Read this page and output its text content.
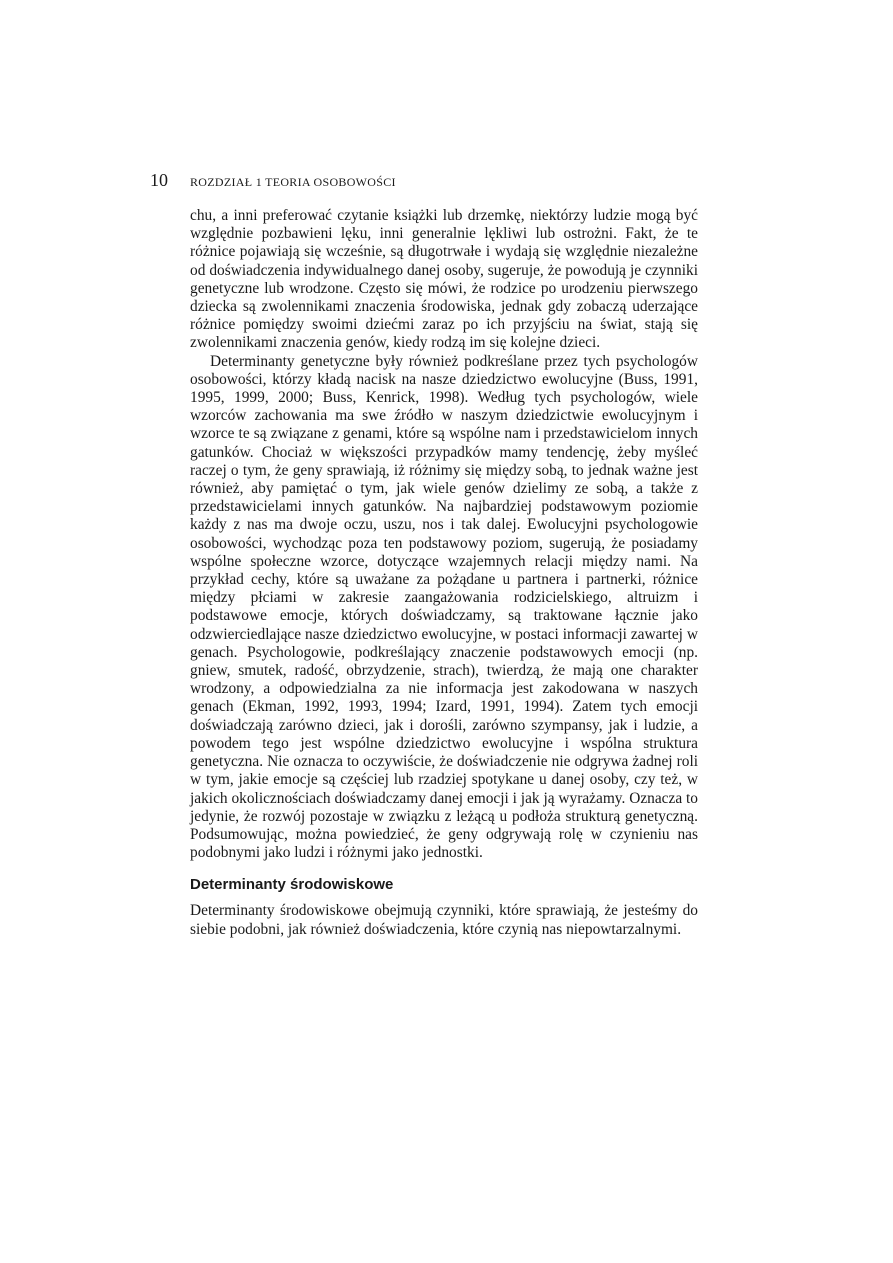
10	ROZDZIAŁ 1 TEORIA OSOBOWOŚCI

chu, a inni preferować czytanie książki lub drzemkę, niektórzy ludzie mogą być względnie pozbawieni lęku, inni generalnie lękliwi lub ostrożni. Fakt, że te różnice pojawiają się wcześnie, są długotrwałe i wydają się względnie niezależne od doświadczenia indywidualnego danej osoby, sugeruje, że powodują je czynniki genetyczne lub wrodzone. Często się mówi, że rodzice po urodzeniu pierwszego dziecka są zwolennikami znaczenia środowiska, jednak gdy zobaczą uderzające różnice pomiędzy swoimi dziećmi zaraz po ich przyjściu na świat, stają się zwolennikami znaczenia genów, kiedy rodzą im się kolejne dzieci.

Determinanty genetyczne były również podkreślane przez tych psychologów osobowości, którzy kładą nacisk na nasze dziedzictwo ewolucyjne (Buss, 1991, 1995, 1999, 2000; Buss, Kenrick, 1998). Według tych psychologów, wiele wzorców zachowania ma swe źródło w naszym dziedzictwie ewolucyjnym i wzorce te są związane z genami, które są wspólne nam i przedstawicielom innych gatunków. Chociaż w większości przypadków mamy tendencję, żeby myśleć raczej o tym, że geny sprawiają, iż różnimy się między sobą, to jednak ważne jest również, aby pamiętać o tym, jak wiele genów dzielimy ze sobą, a także z przedstawicielami innych gatunków. Na najbardziej podstawowym poziomie każdy z nas ma dwoje oczu, uszu, nos i tak dalej. Ewolucyjni psychologowie osobowości, wychodząc poza ten podstawowy poziom, sugerują, że posiadamy wspólne społeczne wzorce, dotyczące wzajemnych relacji między nami. Na przykład cechy, które są uważane za pożądane u partnera i partnerki, różnice między płciami w zakresie zaangażowania rodzicielskiego, altruizm i podstawowe emocje, których doświadczamy, są traktowane łącznie jako odzwierciedlające nasze dziedzictwo ewolucyjne, w postaci informacji zawartej w genach. Psychologowie, podkreślający znaczenie podstawowych emocji (np. gniew, smutek, radość, obrzydzenie, strach), twierdzą, że mają one charakter wrodzony, a odpowiedzialna za nie informacja jest zakodowana w naszych genach (Ekman, 1992, 1993, 1994; Izard, 1991, 1994). Zatem tych emocji doświadczają zarówno dzieci, jak i dorośli, zarówno szympansy, jak i ludzie, a powodem tego jest wspólne dziedzictwo ewolucyjne i wspólna struktura genetyczna. Nie oznacza to oczywiście, że doświadczenie nie odgrywa żadnej roli w tym, jakie emocje są częściej lub rzadziej spotykane u danej osoby, czy też, w jakich okolicznościach doświadczamy danej emocji i jak ją wyrażamy. Oznacza to jedynie, że rozwój pozostaje w związku z leżącą u podłoża strukturą genetyczną. Podsumowując, można powiedzieć, że geny odgrywają rolę w czynieniu nas podobnymi jako ludzi i różnymi jako jednostki.

Determinanty środowiskowe

Determinanty środowiskowe obejmują czynniki, które sprawiają, że jesteśmy do siebie podobni, jak również doświadczenia, które czynią nas niepowtarzalnymi.
